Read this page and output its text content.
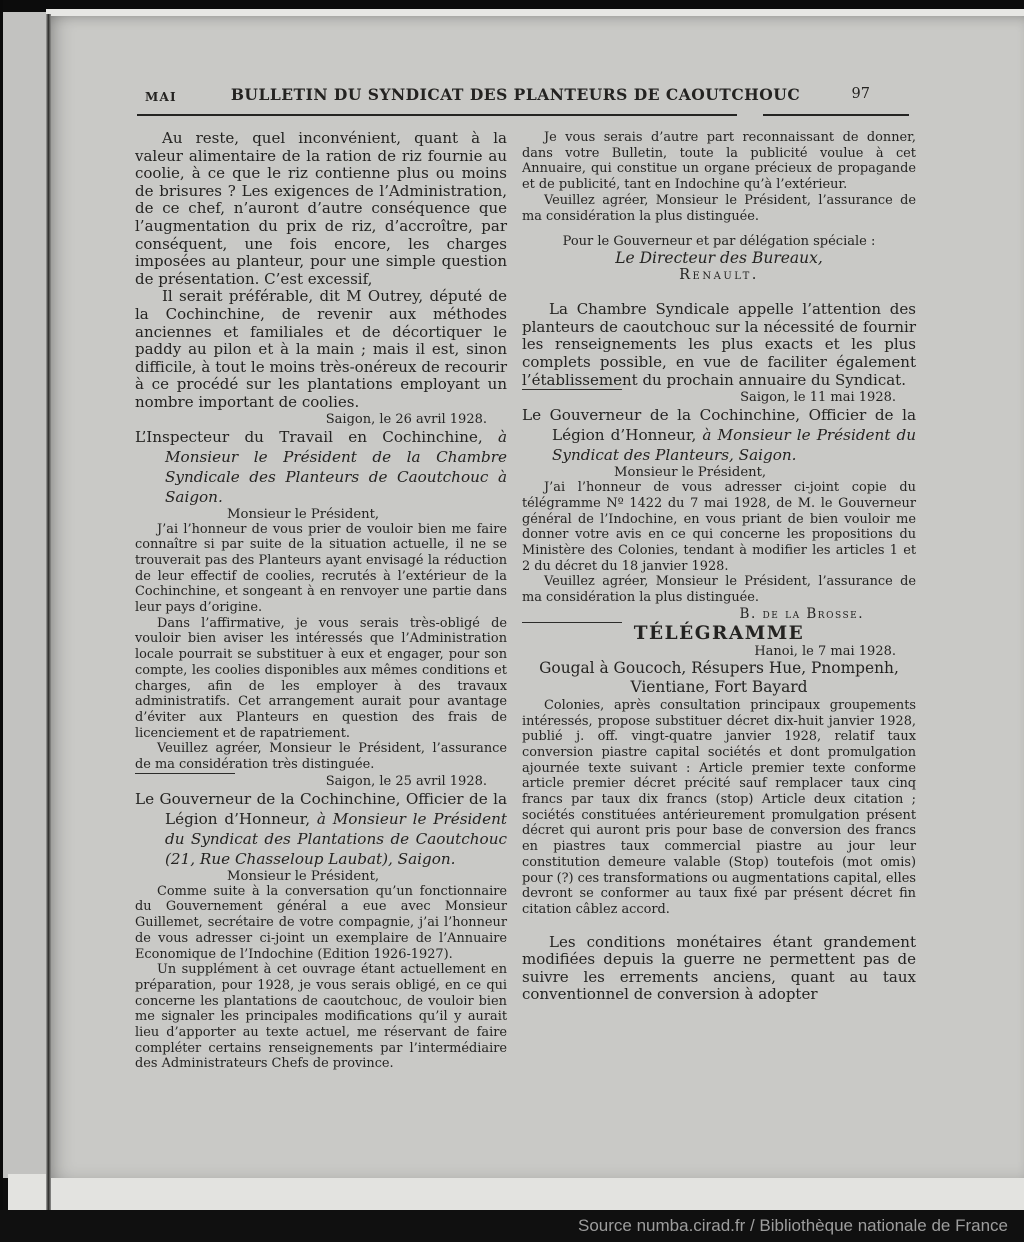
MAI	BULLETIN DU SYNDICAT DES PLANTEURS DE CAOUTCHOUC	97

Au reste, quel inconvénient, quant à la valeur alimentaire de la ration de riz fournie au coolie, à ce que le riz contienne plus ou moins de brisures ? Les exigences de l’Administration, de ce chef, n’auront d’autre conséquence que l’augmentation du prix de riz, d’accroître, par conséquent, une fois encore, les charges imposées au planteur, pour une simple question de présentation. C’est excessif,

Il serait préférable, dit M Outrey, député de la Cochinchine, de revenir aux méthodes anciennes et familiales et de décortiquer le paddy au pilon et à la main ; mais il est, sinon difficile, à tout le moins très-onéreux de recourir à ce procédé sur les plantations employant un nombre important de coolies.

Saigon, le 26 avril 1928.

L’Inspecteur du Travail en Cochinchine, à Monsieur le Président de la Chambre Syndicale des Planteurs de Caoutchouc à Saigon.

Monsieur le Président,

J’ai l’honneur de vous prier de vouloir bien me faire connaître si par suite de la situation actuelle, il ne se trouverait pas des Planteurs ayant envisagé la réduction de leur effectif de coolies, recrutés à l’extérieur de la Cochinchine, et songeant à en renvoyer une partie dans leur pays d’origine.

Dans l’affirmative, je vous serais très-obligé de vouloir bien aviser les intéressés que l’Administration locale pourrait se substituer à eux et engager, pour son compte, les coolies disponibles aux mêmes conditions et charges, afin de les employer à des travaux administratifs. Cet arrangement aurait pour avantage d’éviter aux Planteurs en question des frais de licenciement et de rapatriement.

Veuillez agréer, Monsieur le Président, l’assurance de ma considération très distinguée.

Saigon, le 25 avril 1928.

Le Gouverneur de la Cochinchine, Officier de la Légion d’Honneur, à Monsieur le Président du Syndicat des Plantations de Caoutchouc (21, Rue Chasseloup Laubat), Saigon.

Monsieur le Président,

Comme suite à la conversation qu’un fonctionnaire du Gouvernement général a eue avec Monsieur Guillemet, secrétaire de votre compagnie, j’ai l’honneur de vous adresser ci-joint un exemplaire de l’Annuaire Economique de l’Indochine (Edition 1926-1927).

Un supplément à cet ouvrage étant actuellement en préparation, pour 1928, je vous serais obligé, en ce qui concerne les plantations de caoutchouc, de vouloir bien me signaler les principales modifications qu’il y aurait lieu d’apporter au texte actuel, me réservant de faire compléter certains renseignements par l’intermédiaire des Administrateurs Chefs de province.

Je vous serais d’autre part reconnaissant de donner, dans votre Bulletin, toute la publicité voulue à cet Annuaire, qui constitue un organe précieux de propagande et de publicité, tant en Indochine qu’à l’extérieur.

Veuillez agréer, Monsieur le Président, l’assurance de ma considération la plus distinguée.

Pour le Gouverneur et par délégation spéciale :

Le Directeur des Bureaux,

Renault.

La Chambre Syndicale appelle l’attention des planteurs de caoutchouc sur la nécessité de fournir les renseignements les plus exacts et les plus complets possible, en vue de faciliter également l’établissement du prochain annuaire du Syndicat.

Saigon, le 11 mai 1928.

Le Gouverneur de la Cochinchine, Officier de la Légion d’Honneur, à Monsieur le Président du Syndicat des Planteurs, Saigon.

Monsieur le Président,

J’ai l’honneur de vous adresser ci-joint copie du télégramme Nº 1422 du 7 mai 1928, de M. le Gouverneur général de l’Indochine, en vous priant de bien vouloir me donner votre avis en ce qui concerne les propositions du Ministère des Colonies, tendant à modifier les articles 1 et 2 du décret du 18 janvier 1928.

Veuillez agréer, Monsieur le Président, l’assurance de ma considération la plus distinguée.

B. de la Brosse.

TÉLÉGRAMME

Hanoi, le 7 mai 1928.

Gougal à Goucoch, Résupers Hue, Pnompenh, Vientiane, Fort Bayard

Colonies, après consultation principaux groupements intéressés, propose substituer décret dix-huit janvier 1928, publié j. off. vingt-quatre janvier 1928, relatif taux conversion piastre capital sociétés et dont promulgation ajournée texte suivant : Article premier texte conforme article premier décret précité sauf remplacer taux cinq francs par taux dix francs (stop) Article deux citation ; sociétés constituées antérieurement promulgation présent décret qui auront pris pour base de conversion des francs en piastres taux commercial piastre au jour leur constitution demeure valable (Stop) toutefois (mot omis) pour (?) ces transformations ou augmentations capital, elles devront se conformer au taux fixé par présent décret fin citation câblez accord.

Les conditions monétaires étant grandement modifiées depuis la guerre ne permettent pas de suivre les errements anciens, quant au taux conventionnel de conversion à adopter

Source numba.cirad.fr / Bibliothèque nationale de France
